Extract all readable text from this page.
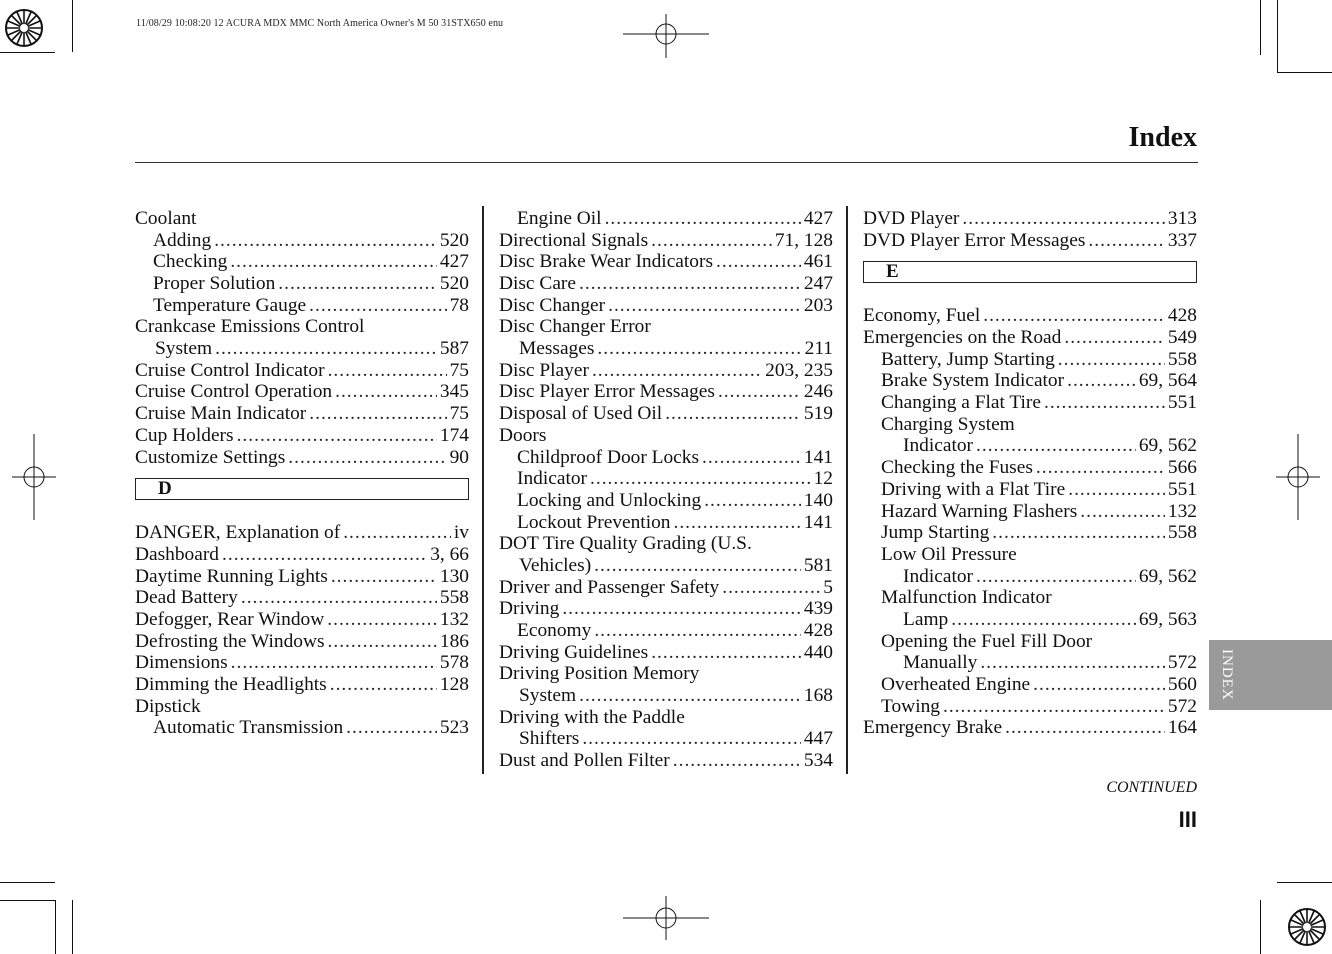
11/08/29 10:08:20 12 ACURA MDX MMC North America Owner's M 50 31STX650 enu
Index
Coolant
Adding .....	520
Checking .....	427
Proper Solution .....	520
Temperature Gauge .....	78
Crankcase Emissions Control
System .....	587
Cruise Control Indicator .....	75
Cruise Control Operation .....	345
Cruise Main Indicator .....	75
Cup Holders .....	174
Customize Settings .....	90
D
DANGER, Explanation of .....	iv
Dashboard .....	3, 66
Daytime Running Lights .....	130
Dead Battery .....	558
Defogger, Rear Window .....	132
Defrosting the Windows .....	186
Dimensions .....	578
Dimming the Headlights .....	128
Dipstick
Automatic Transmission .....	523
Engine Oil .....	427
Directional Signals .....	71, 128
Disc Brake Wear Indicators .....	461
Disc Care .....	247
Disc Changer .....	203
Disc Changer Error
Messages .....	211
Disc Player .....	203, 235
Disc Player Error Messages .....	246
Disposal of Used Oil .....	519
Doors
Childproof Door Locks .....	141
Indicator .....	12
Locking and Unlocking .....	140
Lockout Prevention .....	141
DOT Tire Quality Grading (U.S.
Vehicles) .....	581
Driver and Passenger Safety .....	5
Driving .....	439
Economy .....	428
Driving Guidelines .....	440
Driving Position Memory
System .....	168
Driving with the Paddle
Shifters .....	447
Dust and Pollen Filter .....	534
DVD Player .....	313
DVD Player Error Messages .....	337
E
Economy, Fuel .....	428
Emergencies on the Road .....	549
Battery, Jump Starting .....	558
Brake System Indicator .....	69, 564
Changing a Flat Tire .....	551
Charging System
Indicator .....	69, 562
Checking the Fuses .....	566
Driving with a Flat Tire .....	551
Hazard Warning Flashers .....	132
Jump Starting .....	558
Low Oil Pressure
Indicator .....	69, 562
Malfunction Indicator
Lamp .....	69, 563
Opening the Fuel Fill Door
Manually .....	572
Overheated Engine .....	560
Towing .....	572
Emergency Brake .....	164
INDEX
CONTINUED
III
